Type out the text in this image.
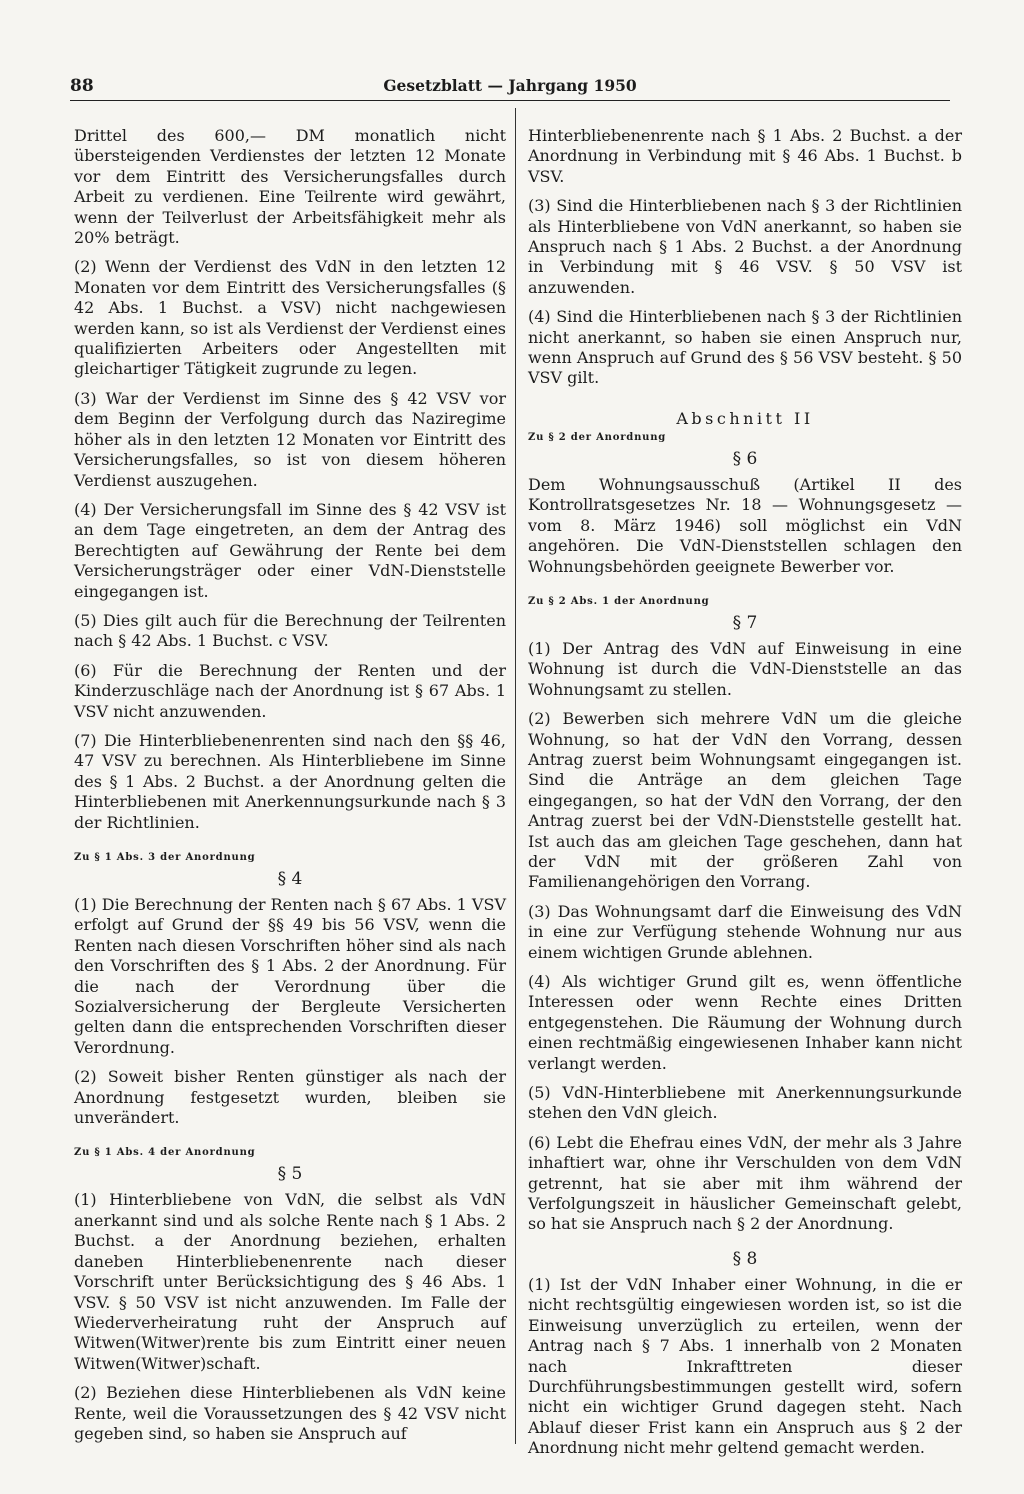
88	Gesetzblatt — Jahrgang 1950

Drittel des 600,— DM monatlich nicht übersteigenden Verdienstes der letzten 12 Monate vor dem Eintritt des Versicherungsfalles durch Arbeit zu verdienen. Eine Teilrente wird gewährt, wenn der Teilverlust der Arbeitsfähigkeit mehr als 20% beträgt.

(2) Wenn der Verdienst des VdN in den letzten 12 Monaten vor dem Eintritt des Versicherungsfalles (§ 42 Abs. 1 Buchst. a VSV) nicht nachgewiesen werden kann, so ist als Verdienst der Verdienst eines qualifizierten Arbeiters oder Angestellten mit gleichartiger Tätigkeit zugrunde zu legen.

(3) War der Verdienst im Sinne des § 42 VSV vor dem Beginn der Verfolgung durch das Naziregime höher als in den letzten 12 Monaten vor Eintritt des Versicherungsfalles, so ist von diesem höheren Verdienst auszugehen.

(4) Der Versicherungsfall im Sinne des § 42 VSV ist an dem Tage eingetreten, an dem der Antrag des Berechtigten auf Gewährung der Rente bei dem Versicherungsträger oder einer VdN-Dienststelle eingegangen ist.

(5) Dies gilt auch für die Berechnung der Teilrenten nach § 42 Abs. 1 Buchst. c VSV.

(6) Für die Berechnung der Renten und der Kinderzuschläge nach der Anordnung ist § 67 Abs. 1 VSV nicht anzuwenden.

(7) Die Hinterbliebenenrenten sind nach den §§ 46, 47 VSV zu berechnen. Als Hinterbliebene im Sinne des § 1 Abs. 2 Buchst. a der Anordnung gelten die Hinterbliebenen mit Anerkennungsurkunde nach § 3 der Richtlinien.

Zu § 1 Abs. 3 der Anordnung
§ 4

(1) Die Berechnung der Renten nach § 67 Abs. 1 VSV erfolgt auf Grund der §§ 49 bis 56 VSV, wenn die Renten nach diesen Vorschriften höher sind als nach den Vorschriften des § 1 Abs. 2 der Anordnung. Für die nach der Verordnung über die Sozialversicherung der Bergleute Versicherten gelten dann die entsprechenden Vorschriften dieser Verordnung.

(2) Soweit bisher Renten günstiger als nach der Anordnung festgesetzt wurden, bleiben sie unverändert.

Zu § 1 Abs. 4 der Anordnung
§ 5

(1) Hinterbliebene von VdN, die selbst als VdN anerkannt sind und als solche Rente nach § 1 Abs. 2 Buchst. a der Anordnung beziehen, erhalten daneben Hinterbliebenenrente nach dieser Vorschrift unter Berücksichtigung des § 46 Abs. 1 VSV. § 50 VSV ist nicht anzuwenden. Im Falle der Wiederverheiratung ruht der Anspruch auf Witwen(Witwer)rente bis zum Eintritt einer neuen Witwen(Witwer)schaft.

(2) Beziehen diese Hinterbliebenen als VdN keine Rente, weil die Voraussetzungen des § 42 VSV nicht gegeben sind, so haben sie Anspruch auf

Hinterbliebenenrente nach § 1 Abs. 2 Buchst. a der Anordnung in Verbindung mit § 46 Abs. 1 Buchst. b VSV.

(3) Sind die Hinterbliebenen nach § 3 der Richtlinien als Hinterbliebene von VdN anerkannt, so haben sie Anspruch nach § 1 Abs. 2 Buchst. a der Anordnung in Verbindung mit § 46 VSV. § 50 VSV ist anzuwenden.

(4) Sind die Hinterbliebenen nach § 3 der Richtlinien nicht anerkannt, so haben sie einen Anspruch nur, wenn Anspruch auf Grund des § 56 VSV besteht. § 50 VSV gilt.

Abschnitt II
Zu § 2 der Anordnung
§ 6

Dem Wohnungsausschuß (Artikel II des Kontrollratsgesetzes Nr. 18 — Wohnungsgesetz — vom 8. März 1946) soll möglichst ein VdN angehören. Die VdN-Dienststellen schlagen den Wohnungsbehörden geeignete Bewerber vor.

Zu § 2 Abs. 1 der Anordnung
§ 7

(1) Der Antrag des VdN auf Einweisung in eine Wohnung ist durch die VdN-Dienststelle an das Wohnungsamt zu stellen.

(2) Bewerben sich mehrere VdN um die gleiche Wohnung, so hat der VdN den Vorrang, dessen Antrag zuerst beim Wohnungsamt eingegangen ist. Sind die Anträge an dem gleichen Tage eingegangen, so hat der VdN den Vorrang, der den Antrag zuerst bei der VdN-Dienststelle gestellt hat. Ist auch das am gleichen Tage geschehen, dann hat der VdN mit der größeren Zahl von Familienangehörigen den Vorrang.

(3) Das Wohnungsamt darf die Einweisung des VdN in eine zur Verfügung stehende Wohnung nur aus einem wichtigen Grunde ablehnen.

(4) Als wichtiger Grund gilt es, wenn öffentliche Interessen oder wenn Rechte eines Dritten entgegenstehen. Die Räumung der Wohnung durch einen rechtmäßig eingewiesenen Inhaber kann nicht verlangt werden.

(5) VdN-Hinterbliebene mit Anerkennungsurkunde stehen den VdN gleich.

(6) Lebt die Ehefrau eines VdN, der mehr als 3 Jahre inhaftiert war, ohne ihr Verschulden von dem VdN getrennt, hat sie aber mit ihm während der Verfolgungszeit in häuslicher Gemeinschaft gelebt, so hat sie Anspruch nach § 2 der Anordnung.

§ 8

(1) Ist der VdN Inhaber einer Wohnung, in die er nicht rechtsgültig eingewiesen worden ist, so ist die Einweisung unverzüglich zu erteilen, wenn der Antrag nach § 7 Abs. 1 innerhalb von 2 Monaten nach Inkrafttreten dieser Durchführungsbestimmungen gestellt wird, sofern nicht ein wichtiger Grund dagegen steht. Nach Ablauf dieser Frist kann ein Anspruch aus § 2 der Anordnung nicht mehr geltend gemacht werden.
